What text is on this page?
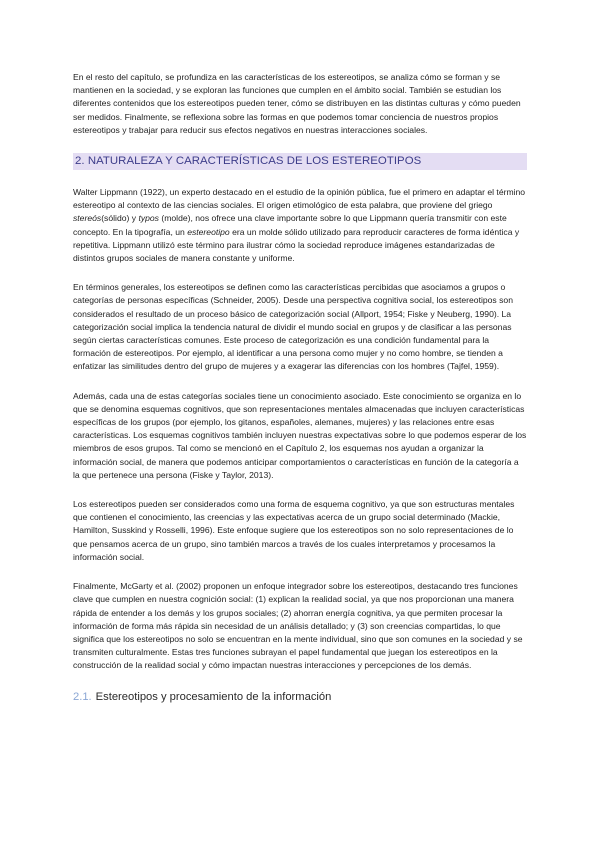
En el resto del capítulo, se profundiza en las características de los estereotipos, se analiza cómo se forman y se mantienen en la sociedad, y se exploran las funciones que cumplen en el ámbito social. También se estudian los diferentes contenidos que los estereotipos pueden tener, cómo se distribuyen en las distintas culturas y cómo pueden ser medidos. Finalmente, se reflexiona sobre las formas en que podemos tomar conciencia de nuestros propios estereotipos y trabajar para reducir sus efectos negativos en nuestras interacciones sociales.

2. NATURALEZA Y CARACTERÍSTICAS DE LOS ESTEREOTIPOS

Walter Lippmann (1922), un experto destacado en el estudio de la opinión pública, fue el primero en adaptar el término estereotipo al contexto de las ciencias sociales. El origen etimológico de esta palabra, que proviene del griego stereós(sólido) y typos (molde), nos ofrece una clave importante sobre lo que Lippmann quería transmitir con este concepto. En la tipografía, un estereotipo era un molde sólido utilizado para reproducir caracteres de forma idéntica y repetitiva. Lippmann utilizó este término para ilustrar cómo la sociedad reproduce imágenes estandarizadas de distintos grupos sociales de manera constante y uniforme.

En términos generales, los estereotipos se definen como las características percibidas que asociamos a grupos o categorías de personas específicas (Schneider, 2005). Desde una perspectiva cognitiva social, los estereotipos son considerados el resultado de un proceso básico de categorización social (Allport, 1954; Fiske y Neuberg, 1990). La categorización social implica la tendencia natural de dividir el mundo social en grupos y de clasificar a las personas según ciertas características comunes. Este proceso de categorización es una condición fundamental para la formación de estereotipos. Por ejemplo, al identificar a una persona como mujer y no como hombre, se tienden a enfatizar las similitudes dentro del grupo de mujeres y a exagerar las diferencias con los hombres (Tajfel, 1959).

Además, cada una de estas categorías sociales tiene un conocimiento asociado. Este conocimiento se organiza en lo que se denomina esquemas cognitivos, que son representaciones mentales almacenadas que incluyen características específicas de los grupos (por ejemplo, los gitanos, españoles, alemanes, mujeres) y las relaciones entre esas características. Los esquemas cognitivos también incluyen nuestras expectativas sobre lo que podemos esperar de los miembros de esos grupos. Tal como se mencionó en el Capítulo 2, los esquemas nos ayudan a organizar la información social, de manera que podemos anticipar comportamientos o características en función de la categoría a la que pertenece una persona (Fiske y Taylor, 2013).

Los estereotipos pueden ser considerados como una forma de esquema cognitivo, ya que son estructuras mentales que contienen el conocimiento, las creencias y las expectativas acerca de un grupo social determinado (Mackie, Hamilton, Susskind y Rosselli, 1996). Este enfoque sugiere que los estereotipos son no solo representaciones de lo que pensamos acerca de un grupo, sino también marcos a través de los cuales interpretamos y procesamos la información social.

Finalmente, McGarty et al. (2002) proponen un enfoque integrador sobre los estereotipos, destacando tres funciones clave que cumplen en nuestra cognición social: (1) explican la realidad social, ya que nos proporcionan una manera rápida de entender a los demás y los grupos sociales; (2) ahorran energía cognitiva, ya que permiten procesar la información de forma más rápida sin necesidad de un análisis detallado; y (3) son creencias compartidas, lo que significa que los estereotipos no solo se encuentran en la mente individual, sino que son comunes en la sociedad y se transmiten culturalmente. Estas tres funciones subrayan el papel fundamental que juegan los estereotipos en la construcción de la realidad social y cómo impactan nuestras interacciones y percepciones de los demás.

2.1. Estereotipos y procesamiento de la información
